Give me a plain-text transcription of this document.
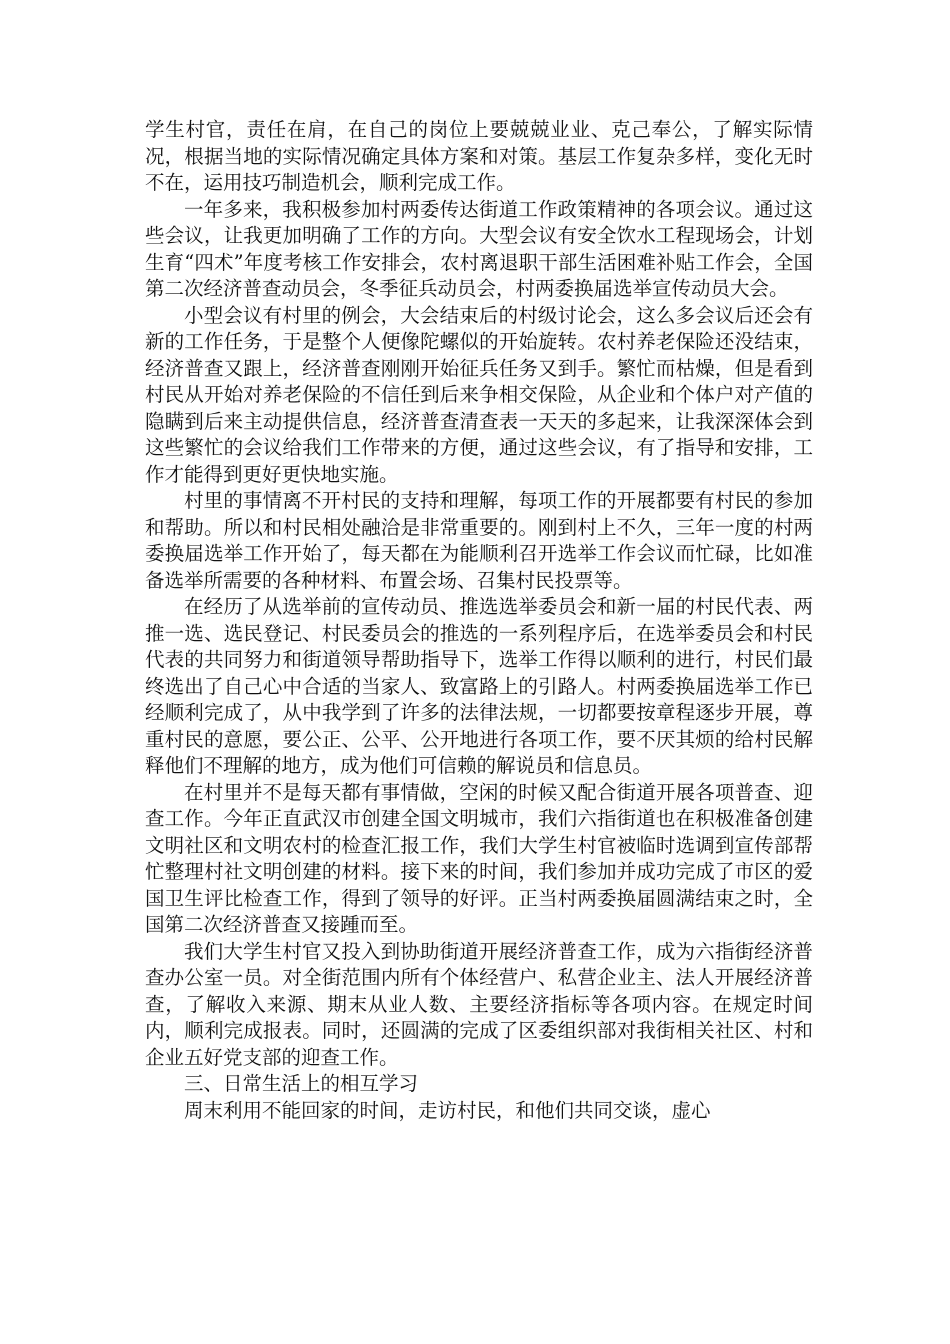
学生村官，责任在肩，在自己的岗位上要兢兢业业、克己奉公，了解实际情况，根据当地的实际情况确定具体方案和对策。基层工作复杂多样，变化无时不在，运用技巧制造机会，顺利完成工作。

一年多来，我积极参加村两委传达街道工作政策精神的各项会议。通过这些会议，让我更加明确了工作的方向。大型会议有安全饮水工程现场会，计划生育“四术”年度考核工作安排会，农村离退职干部生活困难补贴工作会，全国第二次经济普查动员会，冬季征兵动员会，村两委换届选举宣传动员大会。

小型会议有村里的例会，大会结束后的村级讨论会，这么多会议后还会有新的工作任务，于是整个人便像陀螺似的开始旋转。农村养老保险还没结束，经济普查又跟上，经济普查刚刚开始征兵任务又到手。繁忙而枯燥，但是看到村民从开始对养老保险的不信任到后来争相交保险，从企业和个体户对产值的隐瞒到后来主动提供信息，经济普查清查表一天天的多起来，让我深深体会到这些繁忙的会议给我们工作带来的方便，通过这些会议，有了指导和安排，工作才能得到更好更快地实施。

村里的事情离不开村民的支持和理解，每项工作的开展都要有村民的参加和帮助。所以和村民相处融洽是非常重要的。刚到村上不久，三年一度的村两委换届选举工作开始了，每天都在为能顺利召开选举工作会议而忙碌，比如准备选举所需要的各种材料、布置会场、召集村民投票等。

在经历了从选举前的宣传动员、推选选举委员会和新一届的村民代表、两推一选、选民登记、村民委员会的推选的一系列程序后，在选举委员会和村民代表的共同努力和街道领导帮助指导下，选举工作得以顺利的进行，村民们最终选出了自己心中合适的当家人、致富路上的引路人。村两委换届选举工作已经顺利完成了，从中我学到了许多的法律法规，一切都要按章程逐步开展，尊重村民的意愿，要公正、公平、公开地进行各项工作，要不厌其烦的给村民解释他们不理解的地方，成为他们可信赖的解说员和信息员。

在村里并不是每天都有事情做，空闲的时候又配合街道开展各项普查、迎查工作。今年正直武汉市创建全国文明城市，我们六指街道也在积极准备创建文明社区和文明农村的检查汇报工作，我们大学生村官被临时选调到宣传部帮忙整理村社文明创建的材料。接下来的时间，我们参加并成功完成了市区的爱国卫生评比检查工作，得到了领导的好评。正当村两委换届圆满结束之时，全国第二次经济普查又接踵而至。

我们大学生村官又投入到协助街道开展经济普查工作，成为六指街经济普查办公室一员。对全街范围内所有个体经营户、私营企业主、法人开展经济普查，了解收入来源、期末从业人数、主要经济指标等各项内容。在规定时间内，顺利完成报表。同时，还圆满的完成了区委组织部对我街相关社区、村和企业五好党支部的迎查工作。

三、日常生活上的相互学习

周末利用不能回家的时间，走访村民，和他们共同交谈，虚心
